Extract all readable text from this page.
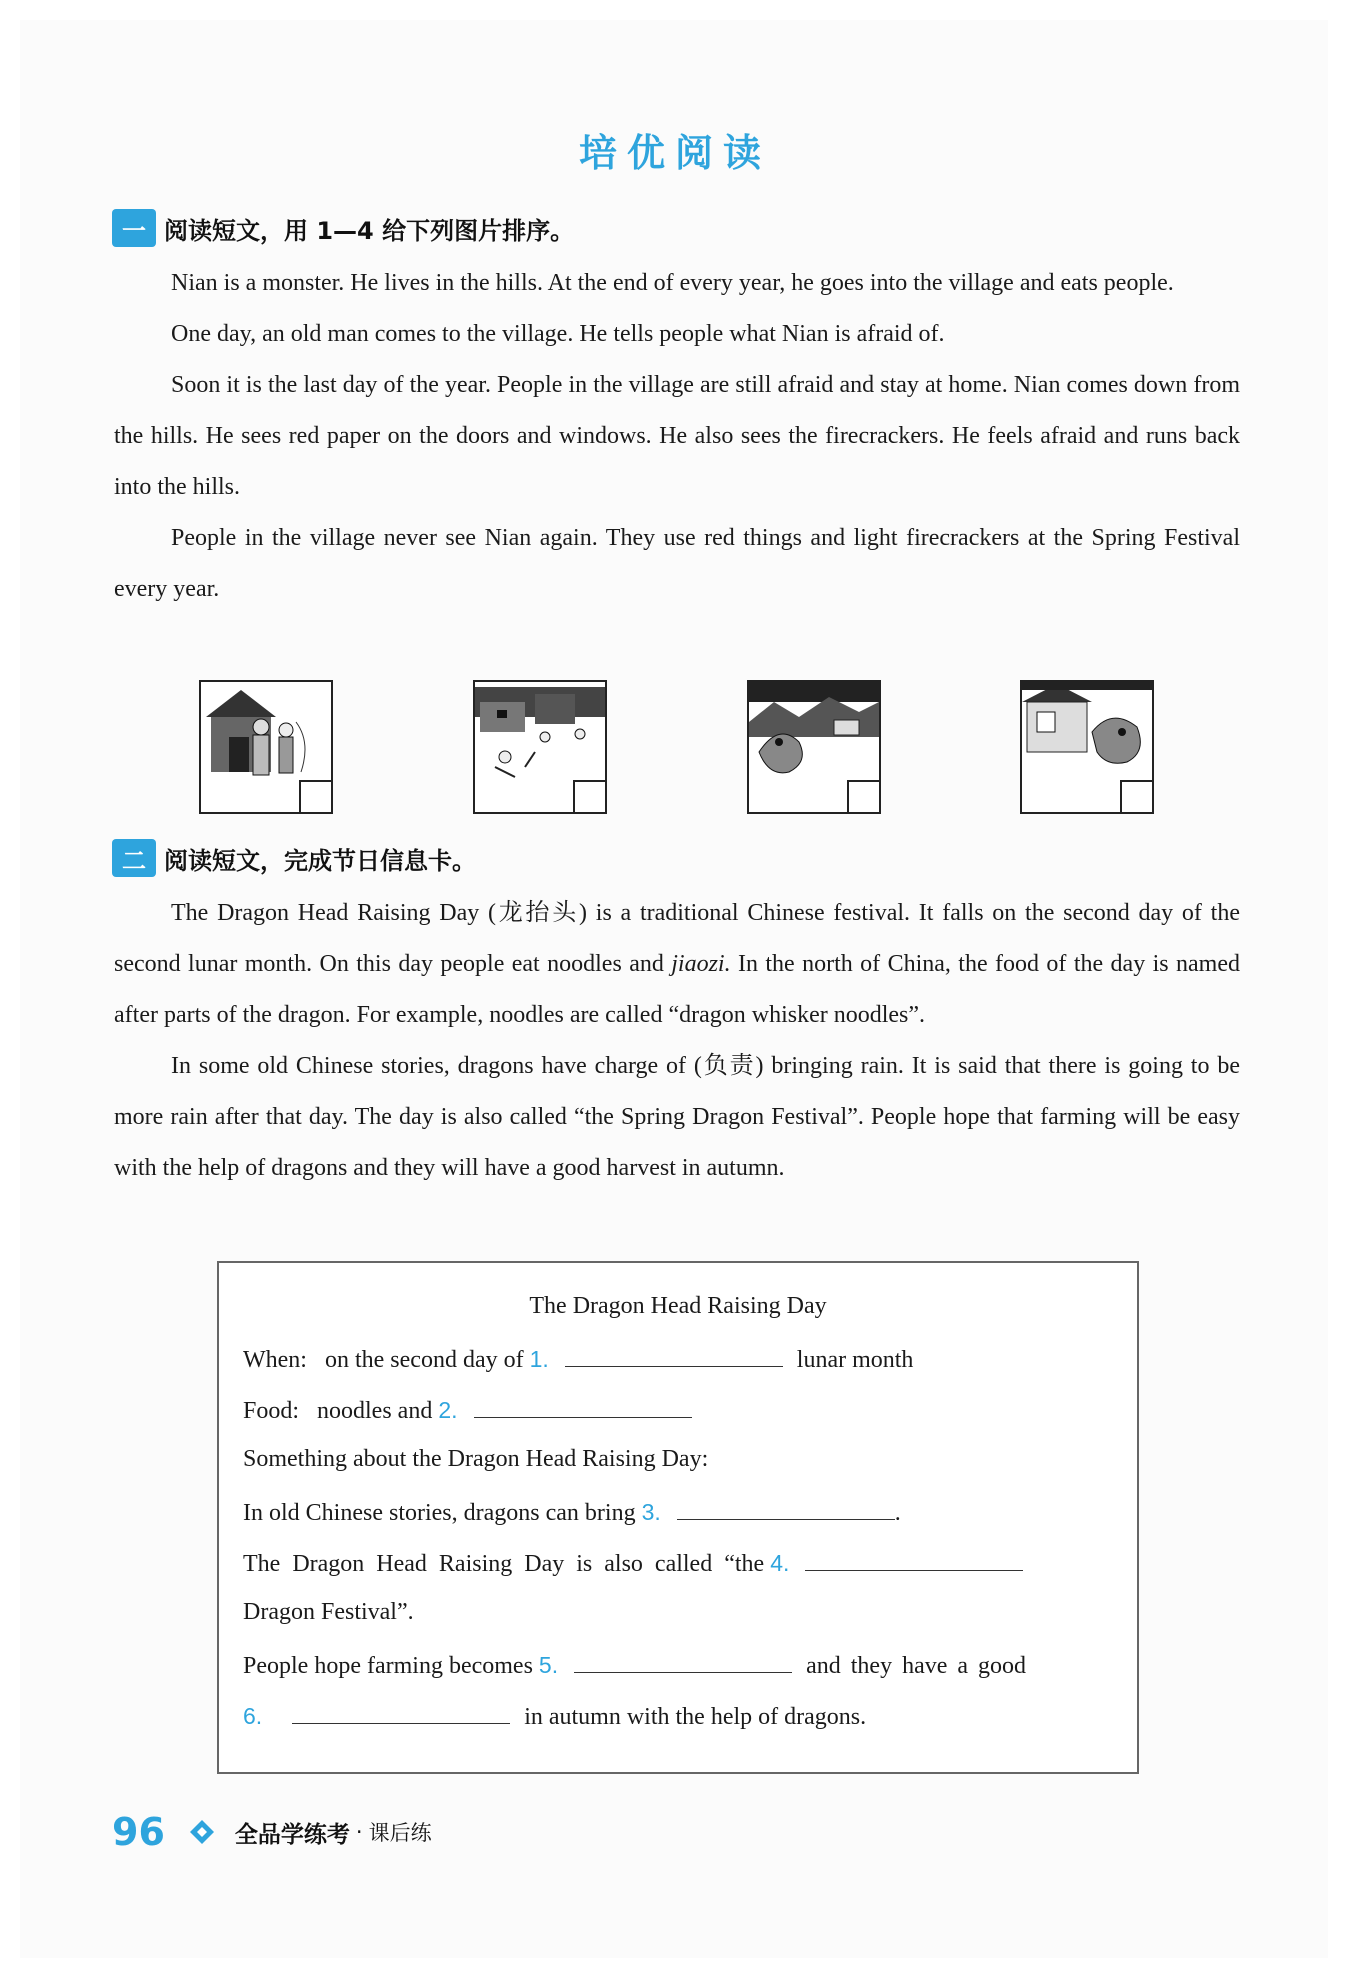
培优阅读
一 阅读短文，用 1—4 给下列图片排序。

Nian is a monster. He lives in the hills. At the end of every year, he goes into the village and eats people.

One day, an old man comes to the village. He tells people what Nian is afraid of.

Soon it is the last day of the year. People in the village are still afraid and stay at home. Nian comes down from the hills. He sees red paper on the doors and windows. He also sees the firecrackers. He feels afraid and runs back into the hills.

People in the village never see Nian again. They use red things and light firecrackers at the Spring Festival every year.

二 阅读短文，完成节日信息卡。

The Dragon Head Raising Day (龙抬头) is a traditional Chinese festival. It falls on the second day of the second lunar month. On this day people eat noodles and jiaozi. In the north of China, the food of the day is named after parts of the dragon. For example, noodles are called “dragon whisker noodles”.

In some old Chinese stories, dragons have charge of (负责) bringing rain. It is said that there is going to be more rain after that day. The day is also called “the Spring Dragon Festival”. People hope that farming will be easy with the help of dragons and they will have a good harvest in autumn.

The Dragon Head Raising Day
When: on the second day of 1.	lunar month
Food: noodles and 2.
Something about the Dragon Head Raising Day:
In old Chinese stories, dragons can bring 3.	.
The Dragon Head Raising Day is also called “the 4.
Dragon Festival”.
People hope farming becomes 5.	and they have a good
6.	in autumn with the help of dragons.
96	全品学练考 · 课后练
